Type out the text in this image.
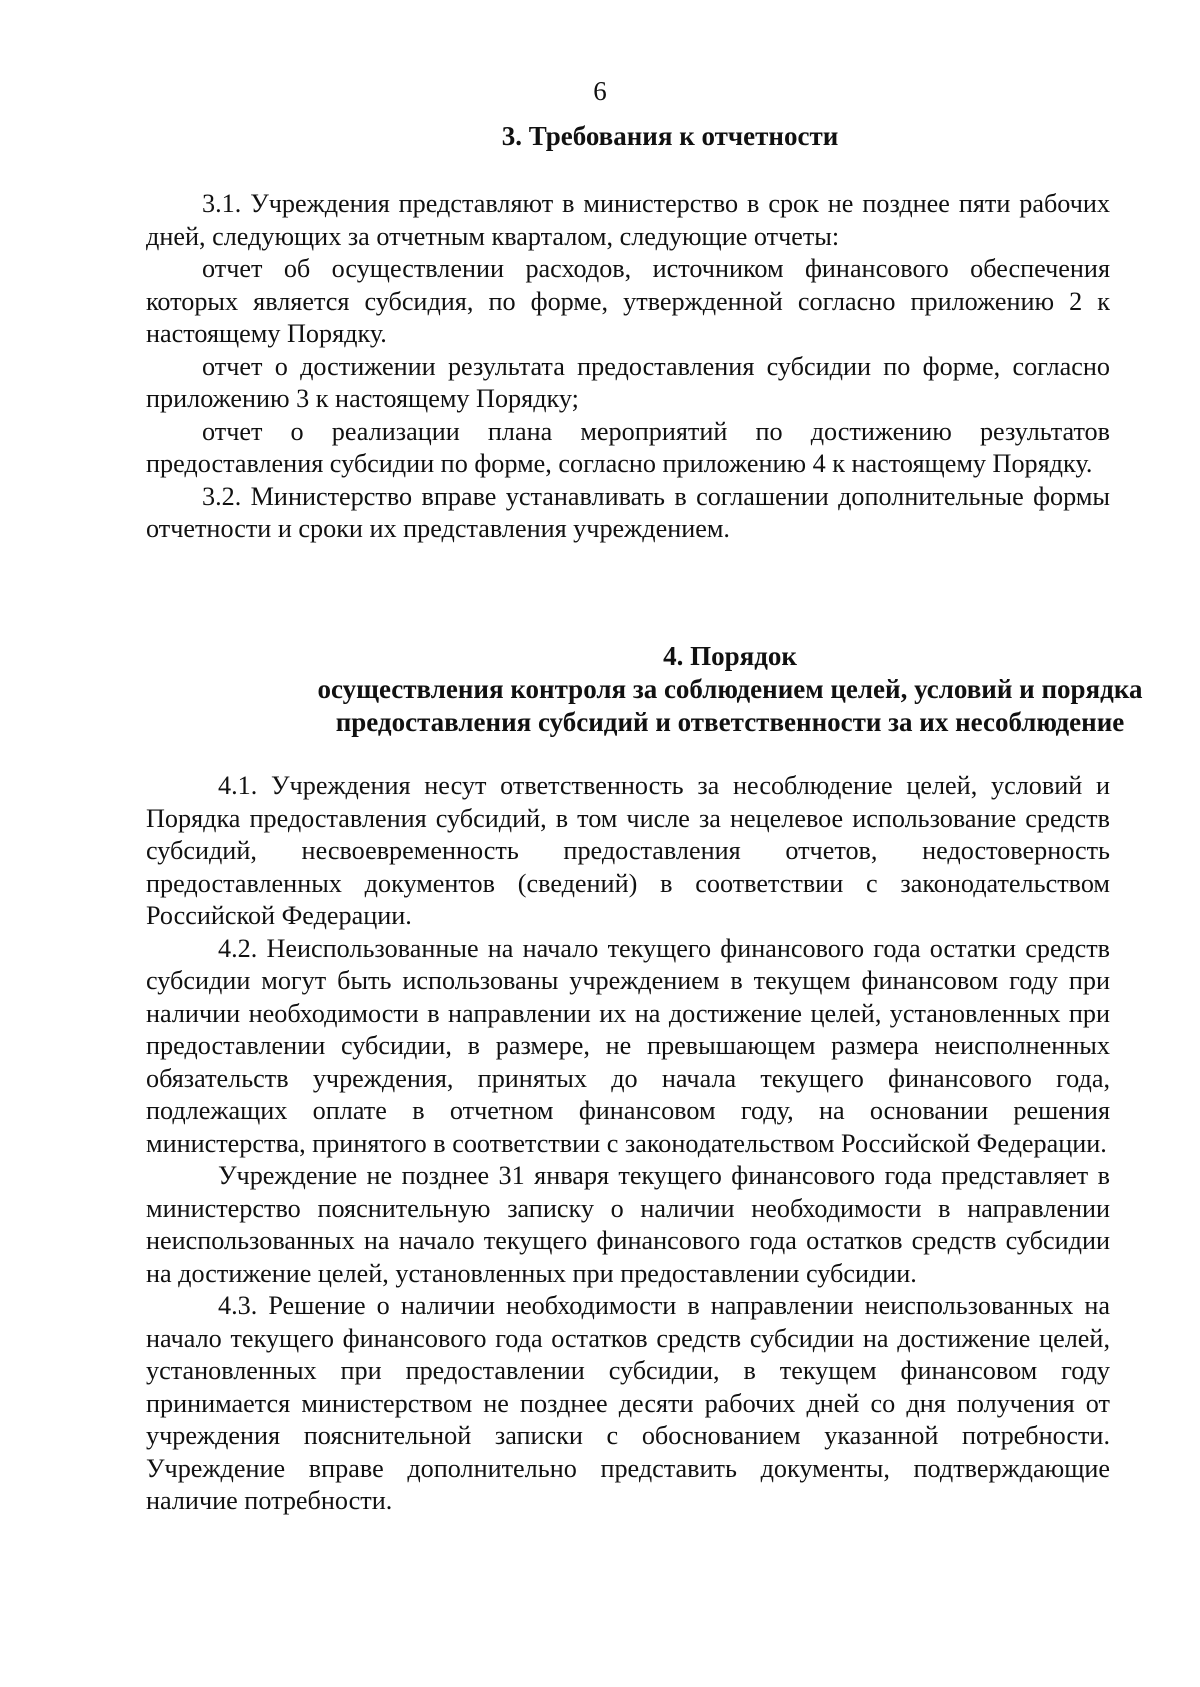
6
3. Требования к отчетности

3.1. Учреждения представляют в министерство в срок не позднее пяти рабочих дней, следующих за отчетным кварталом, следующие отчеты:

отчет об осуществлении расходов, источником финансового обеспечения которых является субсидия, по форме, утвержденной согласно приложению 2 к настоящему Порядку.

отчет о достижении результата предоставления субсидии по форме, согласно приложению 3 к настоящему Порядку;

отчет о реализации плана мероприятий по достижению результатов предоставления субсидии по форме, согласно приложению 4 к настоящему Порядку.

3.2. Министерство вправе устанавливать в соглашении дополнительные формы отчетности и сроки их представления учреждением.

4. Порядок
осуществления контроля за соблюдением целей, условий и порядка
предоставления субсидий и ответственности за их несоблюдение

4.1. Учреждения несут ответственность за несоблюдение целей, условий и Порядка предоставления субсидий, в том числе за нецелевое использование средств субсидий, несвоевременность предоставления отчетов, недостоверность предоставленных документов (сведений) в соответствии с законодательством Российской Федерации.

4.2. Неиспользованные на начало текущего финансового года остатки средств субсидии могут быть использованы учреждением в текущем финансовом году при наличии необходимости в направлении их на достижение целей, установленных при предоставлении субсидии, в размере, не превышающем размера неисполненных обязательств учреждения, принятых до начала текущего финансового года, подлежащих оплате в отчетном финансовом году, на основании решения министерства, принятого в соответствии с законодательством Российской Федерации.

Учреждение не позднее 31 января текущего финансового года представляет в министерство пояснительную записку о наличии необходимости в направлении неиспользованных на начало текущего финансового года остатков средств субсидии на достижение целей, установленных при предоставлении субсидии.

4.3. Решение о наличии необходимости в направлении неиспользованных на начало текущего финансового года остатков средств субсидии на достижение целей, установленных при предоставлении субсидии, в текущем финансовом году принимается министерством не позднее десяти рабочих дней со дня получения от учреждения пояснительной записки с обоснованием указанной потребности. Учреждение вправе дополнительно представить документы, подтверждающие наличие потребности.
